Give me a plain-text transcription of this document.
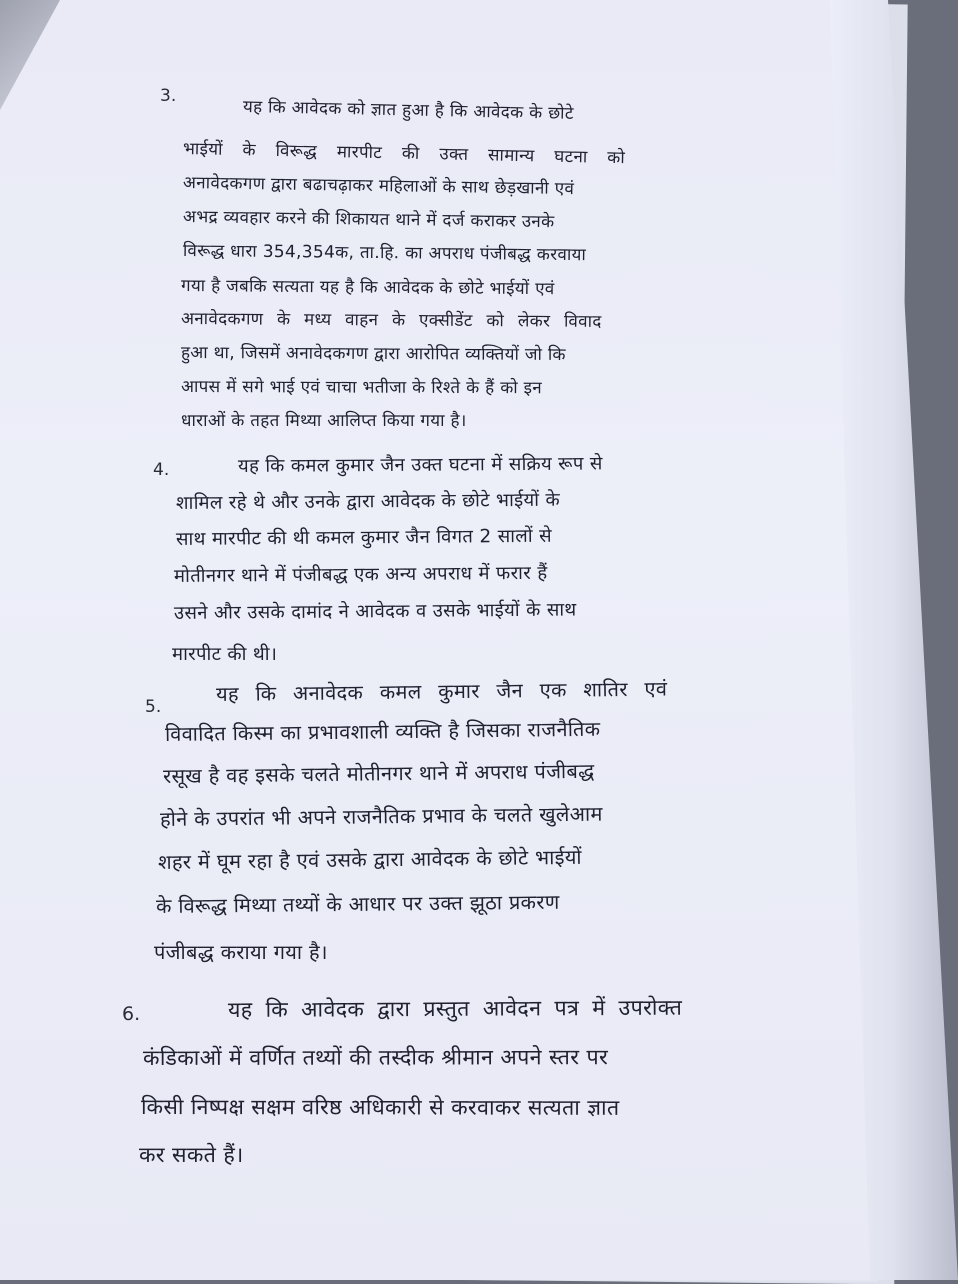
3.
यह कि आवेदक को ज्ञात हुआ है कि आवेदक के छोटे
भाईयों के विरूद्ध मारपीट की उक्त सामान्य घटना को
अनावेदकगण द्वारा बढाचढ़ाकर महिलाओं के साथ छेड़खानी एवं
अभद्र व्यवहार करने की शिकायत थाने में दर्ज कराकर उनके
विरूद्ध धारा 354,354क, ता.हि. का अपराध पंजीबद्ध करवाया
गया है जबकि सत्यता यह है कि आवेदक के छोटे भाईयों एवं
अनावेदकगण के मध्य वाहन के एक्सीडेंट को लेकर विवाद
हुआ था, जिसमें अनावेदकगण द्वारा आरोपित व्यक्तियों जो कि
आपस में सगे भाई एवं चाचा भतीजा के रिश्ते के हैं को इन
धाराओं के तहत मिथ्या आलिप्त किया गया है।
4.	यह कि कमल कुमार जैन उक्त घटना में सक्रिय रूप से
शामिल रहे थे और उनके द्वारा आवेदक के छोटे भाईयों के
साथ मारपीट की थी कमल कुमार जैन विगत 2 सालों से
मोतीनगर थाने में पंजीबद्ध एक अन्य अपराध में फरार हैं
उसने और उसके दामांद ने आवेदक व उसके भाईयों के साथ
मारपीट की थी।
5.
यह कि अनावेदक कमल कुमार जैन एक शातिर एवं
विवादित किस्म का प्रभावशाली व्यक्ति है जिसका राजनैतिक
रसूख है वह इसके चलते मोतीनगर थाने में अपराध पंजीबद्ध
होने के उपरांत भी अपने राजनैतिक प्रभाव के चलते खुलेआम
शहर में घूम रहा है एवं उसके द्वारा आवेदक के छोटे भाईयों
के विरूद्ध मिथ्या तथ्यों के आधार पर उक्त झूठा प्रकरण
पंजीबद्ध कराया गया है।
6.	यह कि आवेदक द्वारा प्रस्तुत आवेदन पत्र में उपरोक्त
कंडिकाओं में वर्णित तथ्यों की तस्दीक श्रीमान अपने स्तर पर
किसी निष्पक्ष सक्षम वरिष्ठ अधिकारी से करवाकर सत्यता ज्ञात
कर सकते हैं।
